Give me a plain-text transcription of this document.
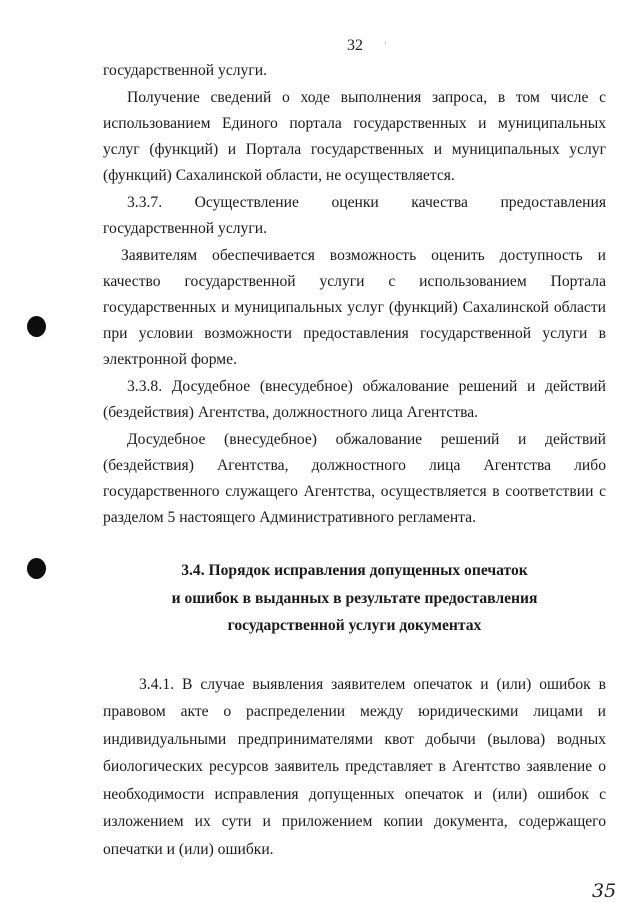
32	·

государственной услуги.

Получение сведений о ходе выполнения запроса, в том числе с использованием Единого портала государственных и муниципальных услуг (функций) и Портала государственных и муниципальных услуг (функций) Сахалинской области, не осуществляется.

3.3.7. Осуществление оценки качества предоставления государственной услуги.

Заявителям обеспечивается возможность оценить доступность и качество государственной услуги с использованием Портала государственных и муниципальных услуг (функций) Сахалинской области при условии возможности предоставления государственной услуги в электронной форме.

3.3.8. Досудебное (внесудебное) обжалование решений и действий (бездействия) Агентства, должностного лица Агентства.

Досудебное (внесудебное) обжалование решений и действий (бездействия) Агентства, должностного лица Агентства либо государственного служащего Агентства, осуществляется в соответствии с разделом 5 настоящего Административного регламента.

3.4. Порядок исправления допущенных опечаток
и ошибок в выданных в результате предоставления
государственной услуги документах

3.4.1. В случае выявления заявителем опечаток и (или) ошибок в правовом акте о распределении между юридическими лицами и индивидуальными предпринимателями квот добычи (вылова) водных биологических ресурсов заявитель представляет в Агентство заявление о необходимости исправления допущенных опечаток и (или) ошибок с изложением их сути и приложением копии документа, содержащего опечатки и (или) ошибки.

35
